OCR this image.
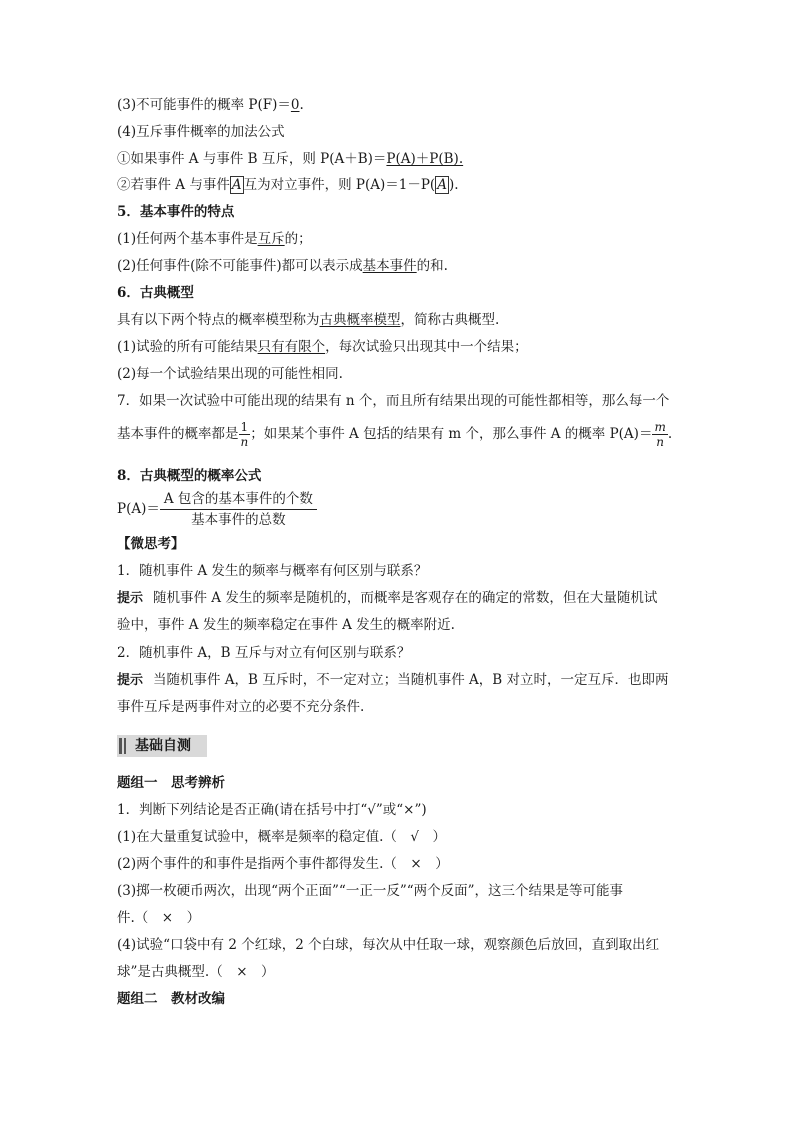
(3)不可能事件的概率 P(F)＝0.
(4)互斥事件概率的加法公式
①如果事件 A 与事件 B 互斥，则 P(A＋B)＝P(A)＋P(B).
②若事件 A 与事件 A 互为对立事件，则 P(A)＝1－P( A ).
5．基本事件的特点
(1)任何两个基本事件是互斥的；
(2)任何事件(除不可能事件)都可以表示成基本事件的和.
6．古典概型
具有以下两个特点的概率模型称为古典概率模型，简称古典概型.
(1)试验的所有可能结果只有有限个，每次试验只出现其中一个结果；
(2)每一个试验结果出现的可能性相同.
7．如果一次试验中可能出现的结果有 n 个，而且所有结果出现的可能性都相等，那么每一个
基本事件的概率都是 $\frac{1}{n}$ ；如果某个事件 A 包括的结果有 m 个，那么事件 A 的概率 $P(A)= \frac{m}{n}$ .
8．古典概型的概率公式
$P(A)= \frac{\text{A 包含的基本事件的个数}}{\text{基本事件的总数}}$
【微思考】
1．随机事件 A 发生的频率与概率有何区别与联系？
提示 随机事件 A 发生的频率是随机的，而概率是客观存在的确定的常数，但在大量随机试
验中，事件 A 发生的频率稳定在事件 A 发生的概率附近.
2．随机事件 A，B 互斥与对立有何区别与联系？
提示 当随机事件 A，B 互斥时，不一定对立；当随机事件 A，B 对立时，一定互斥．也即两
事件互斥是两事件对立的必要不充分条件.
基础自测
题组一　思考辨析
1．判断下列结论是否正确(请在括号中打“√”或“×”)
(1)在大量重复试验中，概率是频率的稳定值.（　√　）
(2)两个事件的和事件是指两个事件都得发生.（　×　）
(3)掷一枚硬币两次，出现“两个正面”“一正一反”“两个反面”，这三个结果是等可能事
件.（　×　）
(4)试验“口袋中有 2 个红球，2 个白球，每次从中任取一球，观察颜色后放回，直到取出红
球”是古典概型.（　×　）
题组二　教材改编
